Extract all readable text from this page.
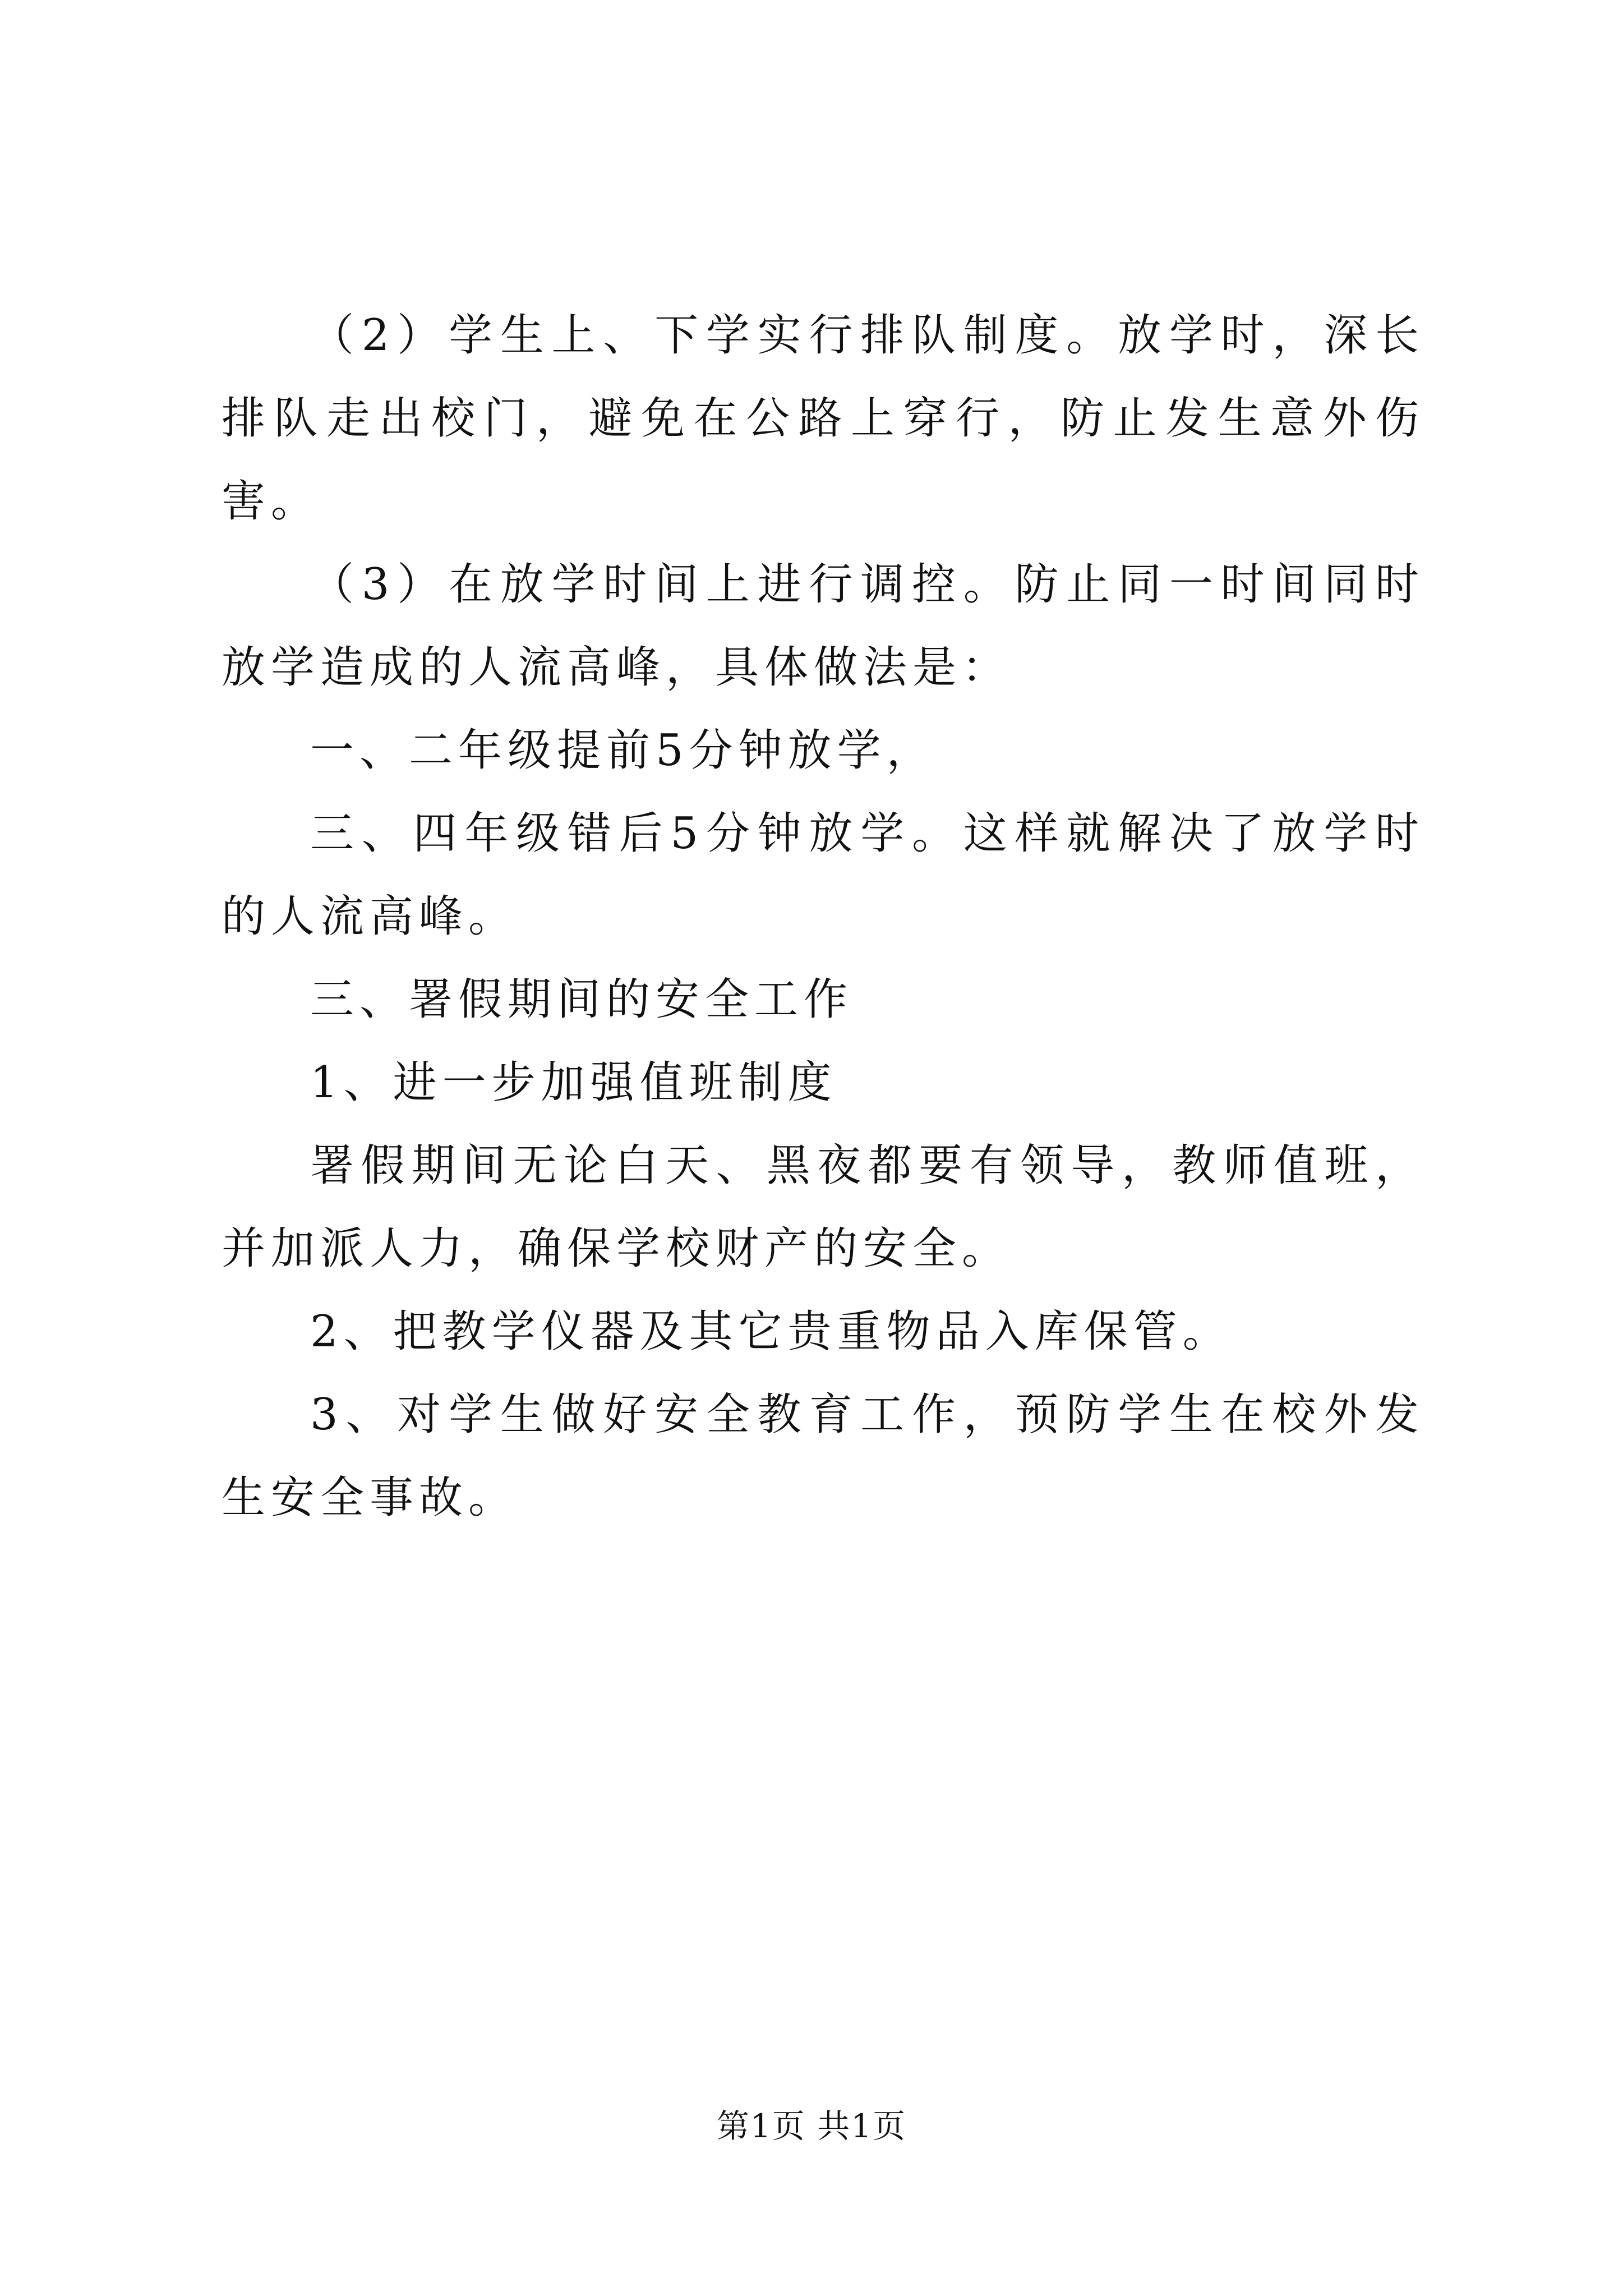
（2）学生上、下学实行排队制度。放学时，深长排队走出校门，避免在公路上穿行，防止发生意外伤害。

（3）在放学时间上进行调控。防止同一时间同时放学造成的人流高峰，具体做法是：

一、二年级提前5分钟放学，

三、四年级错后5分钟放学。这样就解决了放学时的人流高峰。

三、署假期间的安全工作

1、进一步加强值班制度

署假期间无论白天、黑夜都要有领导，教师值班，并加派人力，确保学校财产的安全。

2、把教学仪器及其它贵重物品入库保管。

3、对学生做好安全教育工作，预防学生在校外发生安全事故。

第1页 共1页
